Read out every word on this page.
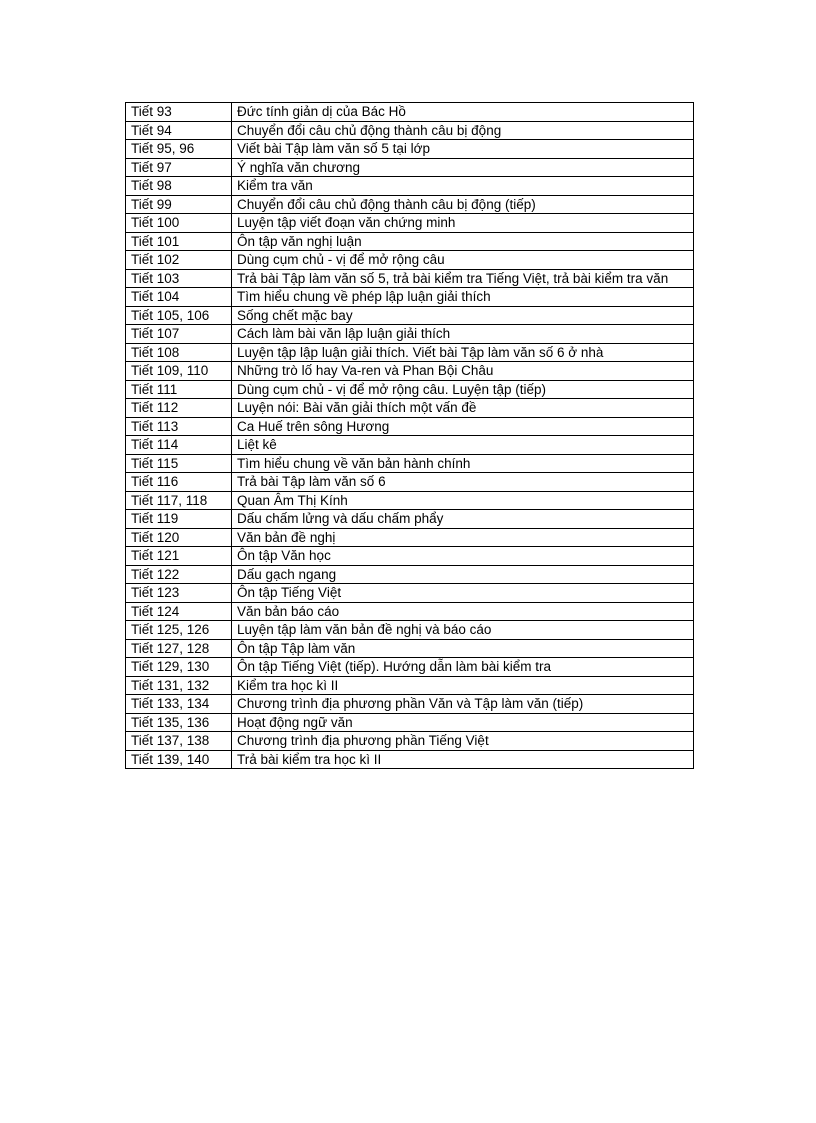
Tiết 93	Đức tính giản dị của Bác Hồ
Tiết 94	Chuyển đổi câu chủ động thành câu bị động
Tiết 95, 96	Viết bài Tập làm văn số 5 tại lớp
Tiết 97	Ý nghĩa văn chương
Tiết 98	Kiểm tra văn
Tiết 99	Chuyển đổi câu chủ động thành câu bị động (tiếp)
Tiết 100	Luyện tập viết đoạn văn chứng minh
Tiết 101	Ôn tập văn nghị luận
Tiết 102	Dùng cụm chủ - vị để mở rộng câu
Tiết 103	Trả bài Tập làm văn số 5, trả bài kiểm tra Tiếng Việt, trả bài kiểm tra văn
Tiết 104	Tìm hiểu chung về phép lập luận giải thích
Tiết 105, 106	Sống chết mặc bay
Tiết 107	Cách làm bài văn lập luận giải thích
Tiết 108	Luyện tập lập luận giải thích. Viết bài Tập làm văn số 6 ở nhà
Tiết 109, 110	Những trò lố hay Va-ren và Phan Bội Châu
Tiết 111	Dùng cụm chủ - vị để mở rộng câu. Luyện tập (tiếp)
Tiết 112	Luyện nói: Bài văn giải thích một vấn đề
Tiết 113	Ca Huế trên sông Hương
Tiết 114	Liệt kê
Tiết 115	Tìm hiểu chung về văn bản hành chính
Tiết 116	Trả bài Tập làm văn số 6
Tiết 117, 118	Quan Âm Thị Kính
Tiết 119	Dấu chấm lửng và dấu chấm phẩy
Tiết 120	Văn bản đề nghị
Tiết 121	Ôn tập Văn học
Tiết 122	Dấu gạch ngang
Tiết 123	Ôn tập Tiếng Việt
Tiết 124	Văn bản báo cáo
Tiết 125, 126	Luyện tập làm văn bản đề nghị và báo cáo
Tiết 127, 128	Ôn tập Tập làm văn
Tiết 129, 130	Ôn tập Tiếng Việt (tiếp). Hướng dẫn làm bài kiểm tra
Tiết 131, 132	Kiểm tra học kì II
Tiết 133, 134	Chương trình địa phương phần Văn và Tập làm văn (tiếp)
Tiết 135, 136	Hoạt động ngữ văn
Tiết 137, 138	Chương trình địa phương phần Tiếng Việt
Tiết 139, 140	Trả bài kiểm tra học kì II
